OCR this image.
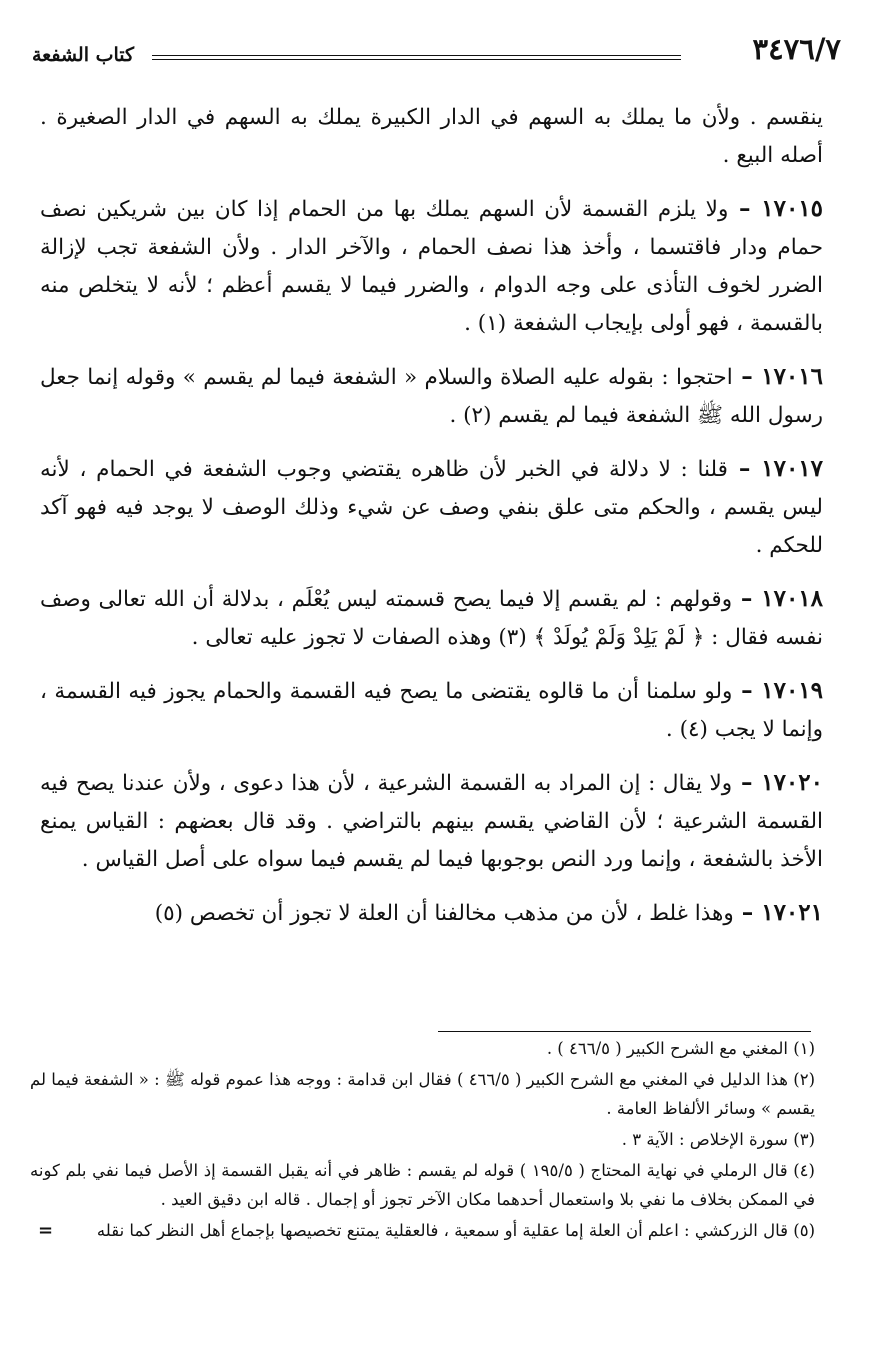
٣٤٧٦/٧
كتاب الشفعة

ينقسم . ولأن ما يملك به السهم في الدار الكبيرة يملك به السهم في الدار الصغيرة . أصله البيع .

١٧٠١٥ – ولا يلزم القسمة لأن السهم يملك بها من الحمام إذا كان بين شريكين نصف حمام ودار فاقتسما ، وأخذ هذا نصف الحمام ، والآخر الدار . ولأن الشفعة تجب لإزالة الضرر لخوف التأذى على وجه الدوام ، والضرر فيما لا يقسم أعظم ؛ لأنه لا يتخلص منه بالقسمة ، فهو أولى بإيجاب الشفعة (١) .

١٧٠١٦ – احتجوا : بقوله عليه الصلاة والسلام « الشفعة فيما لم يقسم » وقوله إنما جعل رسول الله ﷺ الشفعة فيما لم يقسم (٢) .

١٧٠١٧ – قلنا : لا دلالة في الخبر لأن ظاهره يقتضي وجوب الشفعة في الحمام ، لأنه ليس يقسم ، والحكم متى علق بنفي وصف عن شيء وذلك الوصف لا يوجد فيه فهو آكد للحكم .

١٧٠١٨ – وقولهم : لم يقسم إلا فيما يصح قسمته ليس يُعْلَم ، بدلالة أن الله تعالى وصف نفسه فقال : ﴿ لَمْ يَلِدْ وَلَمْ يُولَدْ ﴾ (٣) وهذه الصفات لا تجوز عليه تعالى .

١٧٠١٩ – ولو سلمنا أن ما قالوه يقتضى ما يصح فيه القسمة والحمام يجوز فيه القسمة ، وإنما لا يجب (٤) .

١٧٠٢٠ – ولا يقال : إن المراد به القسمة الشرعية ، لأن هذا دعوى ، ولأن عندنا يصح فيه القسمة الشرعية ؛ لأن القاضي يقسم بينهم بالتراضي . وقد قال بعضهم : القياس يمنع الأخذ بالشفعة ، وإنما ورد النص بوجوبها فيما لم يقسم فيما سواه على أصل القياس .

١٧٠٢١ – وهذا غلط ، لأن من مذهب مخالفنا أن العلة لا تجوز أن تخصص (٥)

(١) المغني مع الشرح الكبير ( ٤٦٦/٥ ) .

(٢) هذا الدليل في المغني مع الشرح الكبير ( ٤٦٦/٥ ) فقال ابن قدامة : ووجه هذا عموم قوله ﷺ : « الشفعة فيما لم يقسم » وسائر الألفاظ العامة .

(٣) سورة الإخلاص : الآية ٣ .

(٤) قال الرملي في نهاية المحتاج ( ١٩٥/٥ ) قوله لم يقسم : ظاهر في أنه يقبل القسمة إذ الأصل فيما نفي بلم كونه في الممكن بخلاف ما نفي بلا واستعمال أحدهما مكان الآخر تجوز أو إجمال . قاله ابن دقيق العيد .

(٥) قال الزركشي : اعلم أن العلة إما عقلية أو سمعية ، فالعقلية يمتنع تخصيصها بإجماع أهل النظر كما نقله

=
